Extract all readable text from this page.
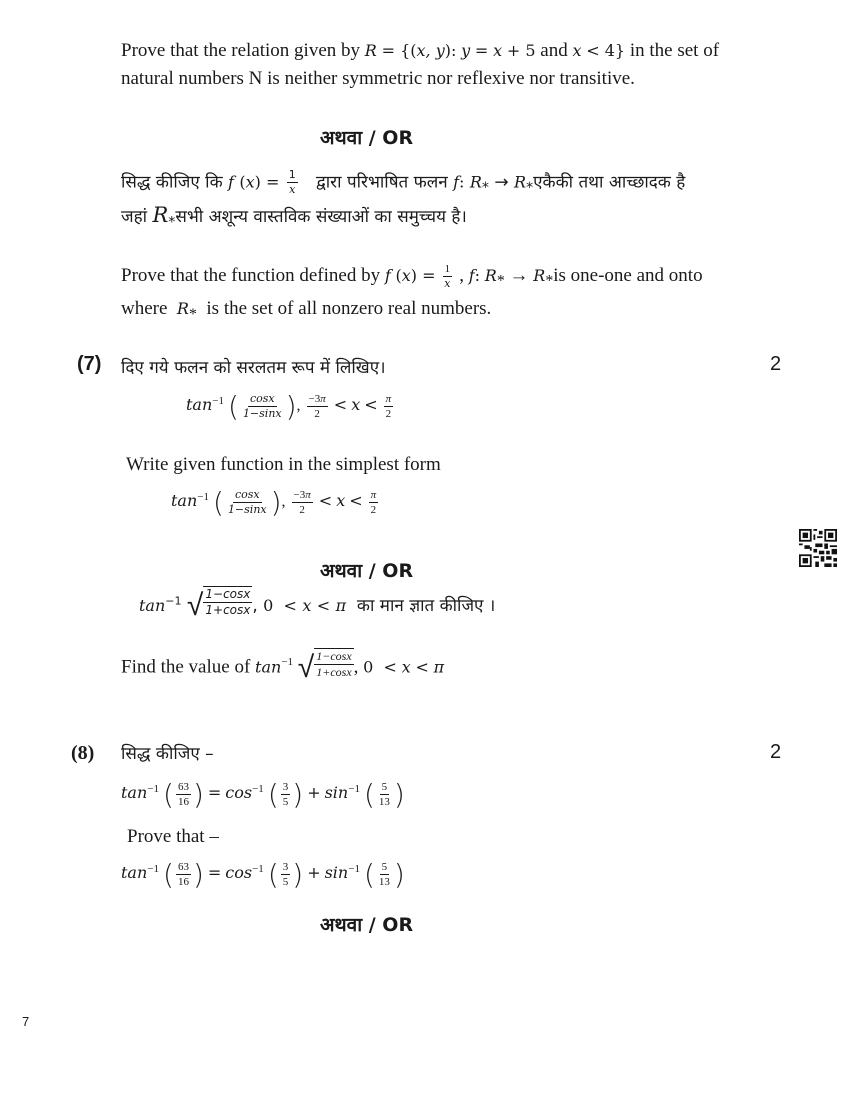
Prove that the relation given by R = {(x, y): y = x + 5 and x < 4} in the set of
natural numbers N is neither symmetric nor reflexive nor transitive.
अथवा / OR
सिद्ध कीजिए कि f $(x) = \frac{1}{x}$ द्वारा परिभाषित फलन f: $R_*$ → $R_*एकैकी$ तथा आच्छादक है
जहां $R_*सभी$ अशून्य वास्तविक संख्याओं का समुच्चय है।
Prove that the function defined by f $(x) = \frac{1}{x}$ , f: $R_* \to R_*is$ one-one and onto
where $R_*$ is the set of all nonzero real numbers.
(7) दिए गये फलन को सरलतम रूप में लिखिए।	2
$\tan^{-1}$ ( $\frac{\cos x}{1-\sin x}$ ), $\frac{-3\pi}{2} < x < \frac{\pi}{2}$
Write given function in the simplest form
$\tan^{-1}$ ( $\frac{\cos x}{1-\sin x}$ ), $\frac{-3\pi}{2} < x < \frac{\pi}{2}$
अथवा / OR
$\tan^{-1}$ √ 1−cosx
1+cosx , 0  < x < π का मान ज्ञात कीजिए ।
Find the value of $\tan^{-1}$ √ 1−cosx
1+cosx , 0  < x < π
(8) सिद्ध कीजिए –	2
$\tan^{-1}$ ( $\frac{63}{16}$ ) = $\cos^{-1}$ ( $\frac{3}{5}$ ) + $\sin^{-1}$ ( $\frac{5}{13}$ )
Prove that –
$\tan^{-1}$ ( $\frac{63}{16}$ ) = $\cos^{-1}$ ( $\frac{3}{5}$ ) + $\sin^{-1}$ ( $\frac{5}{13}$ )
अथवा / OR
7
